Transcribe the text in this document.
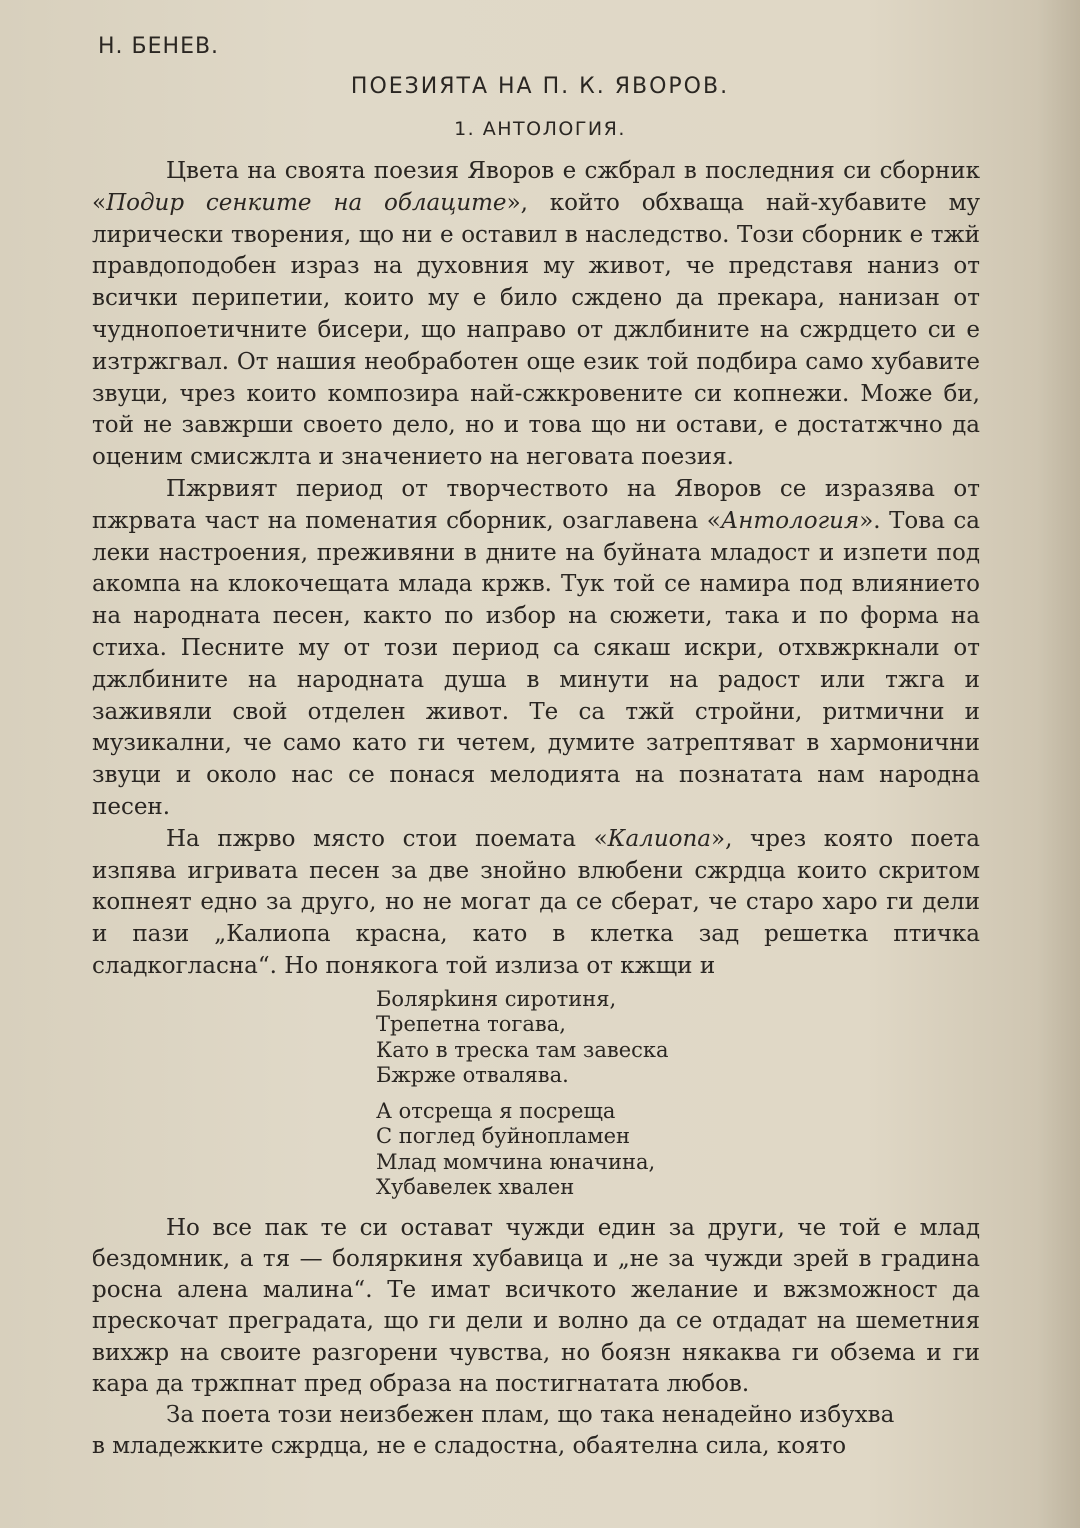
Н. БЕНЕВ.
ПОЕЗИЯТА НА П. К. ЯВОРОВ.
1. АНТОЛОГИЯ.

Цвета на своята поезия Яворов е сжбрал в последния си сборник «Подир сенките на облаците», който обхваща най-хубавите му лирически творения, що ни е оставил в наследство. Този сборник е тжй правдоподобен израз на духовния му живот, че представя наниз от всички перипетии, които му е било сждено да прекара, нанизан от чуднопоетичните бисери, що направо от джлбините на сжрдцето си е изтржгвал. От нашия необработен още език той подбира само хубавите звуци, чрез които композира най-сжкровените си копнежи. Може би, той не завжрши своето дело, но и това що ни остави, е достатжчно да оценим смисжлта и значението на неговата поезия.

Пжрвият период от творчеството на Яворов се изразява от пжрвата част на поменатия сборник, озаглавена «Антология». Това са леки настроения, преживяни в дните на буйната младост и изпети под акомпа на клокочещата млада кржв. Тук той се намира под влиянието на народната песен, както по избор на сюжети, така и по форма на стиха. Песните му от този период са сякаш искри, отхвжркнали от джлбините на народната душа в минути на радост или тжга и заживяли свой отделен живот. Те са тжй стройни, ритмични и музикални, че само като ги четем, думите затрептяват в хармонични звуци и около нас се понася мелодията на познатата нам народна песен.

На пжрво място стои поемата «Калиопа», чрез която поета изпява игривата песен за две знойно влюбени сжрдца които скритом копнеят едно за друго, но не могат да се сберат, че старо харо ги дели и пази „Калиопа красна, като в клетка зад решетка птичка сладкогласна“. Но понякога той излиза от кжщи и

Болярkиня сиротиня,
Трепетна тогава,
Като в треска там завеска
Бжрже отвалява.
А отсреща я посреща
С поглед буйнопламен
Млад момчина юначина,
Хубавелек хвален

Но все пак те си остават чужди един за други, че той е млад бездомник, а тя — боляркиня хубавица и „не за чужди зрей в градина росна алена малина“. Те имат всичкото желание и вжзможност да прескочат преградата, що ги дели и волно да се отдадат на шеметния вихжр на своите разгорени чувства, но боязн някаква ги обзема и ги кара да тржпнат пред образа на постигнатата любов.

За поета този неизбежен плам, що така ненадейно избухва

в младежките сжрдца, не е сладостна, обаятелна сила, която
